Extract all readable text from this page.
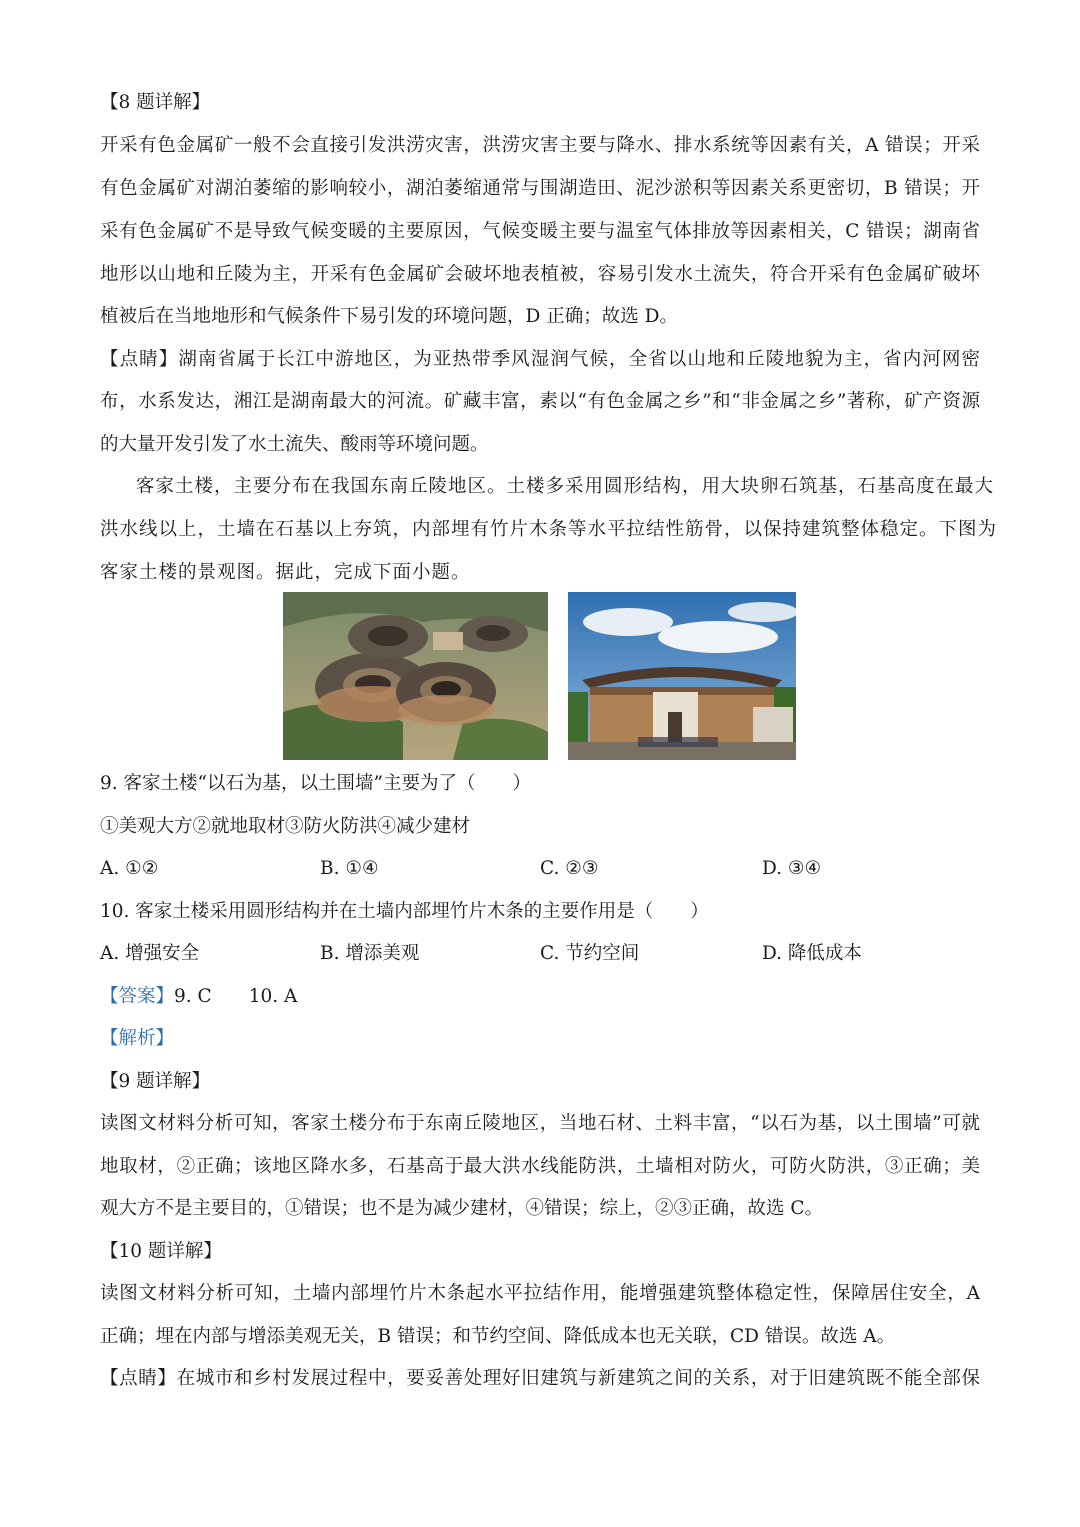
【8 题详解】
开采有色金属矿一般不会直接引发洪涝灾害，洪涝灾害主要与降水、排水系统等因素有关，A 错误；开采
有色金属矿对湖泊萎缩的影响较小，湖泊萎缩通常与围湖造田、泥沙淤积等因素关系更密切，B 错误；开
采有色金属矿不是导致气候变暖的主要原因，气候变暖主要与温室气体排放等因素相关，C 错误；湖南省
地形以山地和丘陵为主，开采有色金属矿会破坏地表植被，容易引发水土流失，符合开采有色金属矿破坏
植被后在当地地形和气候条件下易引发的环境问题，D 正确；故选 D。
【点睛】湖南省属于长江中游地区，为亚热带季风湿润气候，全省以山地和丘陵地貌为主，省内河网密
布，水系发达，湘江是湖南最大的河流。矿藏丰富，素以“有色金属之乡”和“非金属之乡”著称，矿产资源
的大量开发引发了水土流失、酸雨等环境问题。
客家土楼，主要分布在我国东南丘陵地区。土楼多采用圆形结构，用大块卵石筑基，石基高度在最大
洪水线以上，土墙在石基以上夯筑，内部埋有竹片木条等水平拉结性筋骨，以保持建筑整体稳定。下图为
客家土楼的景观图。据此，完成下面小题。
9. 客家土楼“以石为基，以土围墙”主要为了（　　）
①美观大方②就地取材③防火防洪④减少建材
A. ①②	B. ①④	C. ②③	D. ③④
10. 客家土楼采用圆形结构并在土墙内部埋竹片木条的主要作用是（　　）
A. 增强安全	B. 增添美观	C. 节约空间	D. 降低成本
【答案】9. C　　10. A
【解析】
【9 题详解】
读图文材料分析可知，客家土楼分布于东南丘陵地区，当地石材、土料丰富，“以石为基，以土围墙”可就
地取材，②正确；该地区降水多，石基高于最大洪水线能防洪，土墙相对防火，可防火防洪，③正确；美
观大方不是主要目的，①错误；也不是为减少建材，④错误；综上，②③正确，故选 C。
【10 题详解】
读图文材料分析可知，土墙内部埋竹片木条起水平拉结作用，能增强建筑整体稳定性，保障居住安全，A
正确；埋在内部与增添美观无关，B 错误；和节约空间、降低成本也无关联，CD 错误。故选 A。
【点睛】在城市和乡村发展过程中，要妥善处理好旧建筑与新建筑之间的关系，对于旧建筑既不能全部保
